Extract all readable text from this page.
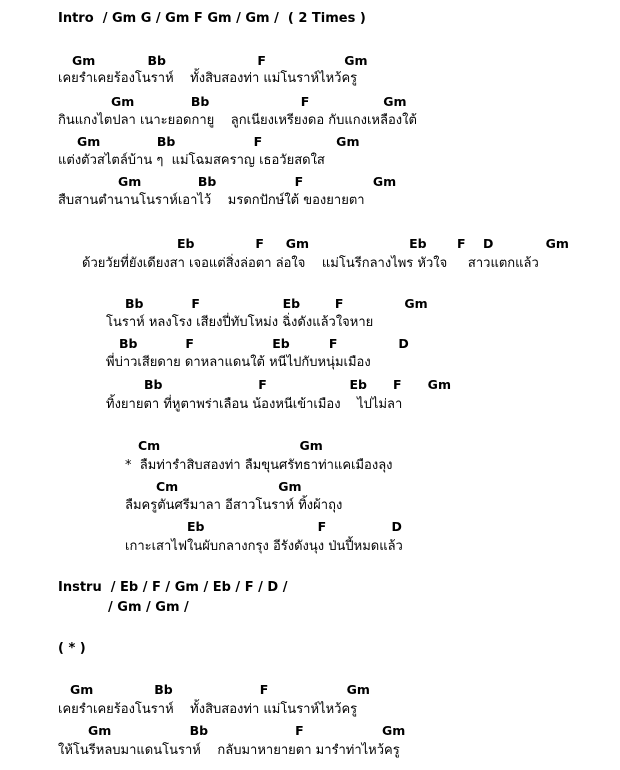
Intro  / Gm G / Gm F Gm / Gm /  ( 2 Times )
Gm            Bb                     F                  Gm
เคยรำเคยร้องโนราห์    ทั้งสิบสองท่า แม่โนราห์ไหว้ครู
Gm             Bb                     F                 Gm
กินแกงไตปลา เนาะยอดกายู    ลูกเนียงเหรียงดอ กับแกงเหลืองใต้
Gm             Bb                  F                 Gm
แต่งตัวสไตล์บ้าน ๆ  แม่โฉมสคราญ เธอวัยสดใส
Gm             Bb                  F                Gm
สืบสานตำนานโนราห์เอาไว้    มรดกปักษ์ใต้ ของยายตา
Eb              F     Gm                       Eb       F    D            Gm
ด้วยวัยที่ยังเดียงสา เจอแต่สิ่งล่อตา ล่อใจ    แม่โนรีกลางไพร หัวใจ     สาวแตกแล้ว
Bb           F                   Eb        F              Gm
โนราห์ หลงโรง เสียงปี่ทับโหม่ง ฉิ่งดังแล้วใจหาย
Bb           F                  Eb         F              D
พี่บ่าวเสียดาย ดาหลาแดนใต้ หนีไปกับหนุ่มเมือง
Bb                      F                   Eb      F      Gm
ทิ้งยายตา ที่หูตาพร่าเลือน น้องหนีเข้าเมือง    ไปไม่ลา
Cm                                Gm
*  ลืมท่ารำสิบสองท่า ลืมขุนศรัทธาท่าแคเมืองลุง
Cm                       Gm
ลืมครูตันศรีมาลา อีสาวโนราห์ ทิ้งผ้าถุง
Eb                          F               D
เกาะเสาไฟในผับกลางกรุง อีรังดังนุง ป่นปี้หมดแล้ว
Instru  / Eb / F / Gm / Eb / F / D /
/ Gm / Gm /
( * )
Gm              Bb                    F                  Gm
เคยรำเคยร้องโนราห์    ทั้งสิบสองท่า แม่โนราห์ไหว้ครู
Gm                  Bb                    F                  Gm
ให้โนรีหลบมาแดนโนราห์    กลับมาหายายตา มารำท่าไหว้ครู
